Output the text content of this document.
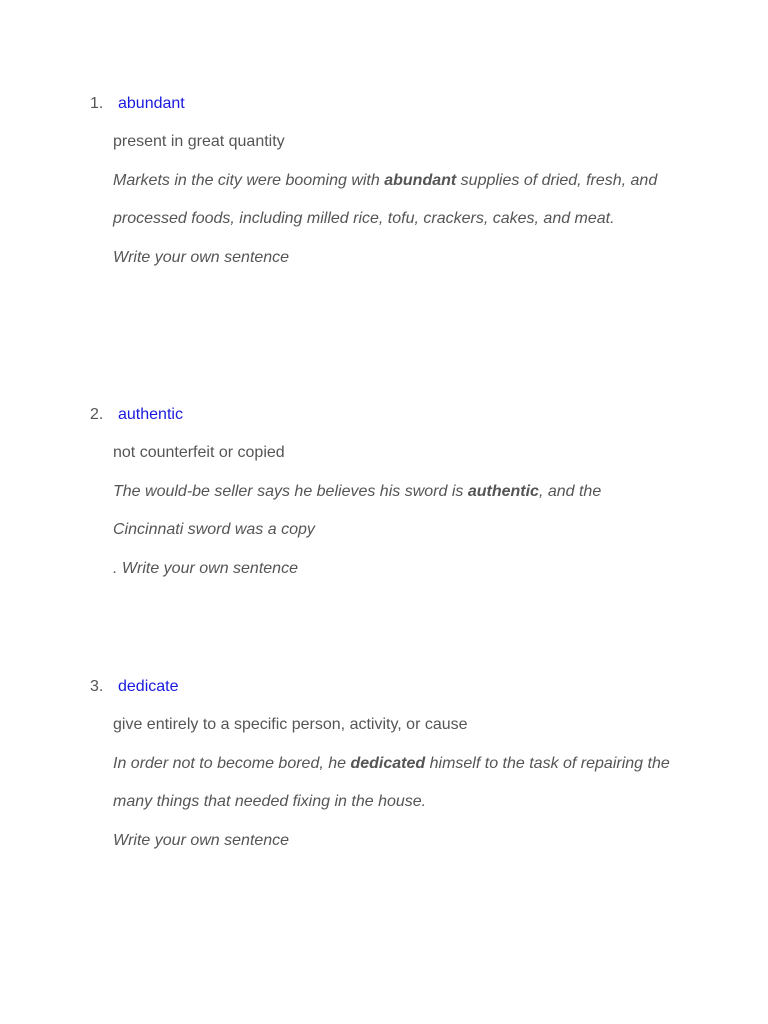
1. abundant
present in great quantity

Markets in the city were booming with abundant supplies of dried, fresh, and processed foods, including milled rice, tofu, crackers, cakes, and meat.

Write your own sentence
2. authentic
not counterfeit or copied

The would-be seller says he believes his sword is authentic, and the Cincinnati sword was a copy

. Write your own sentence
3. dedicate
give entirely to a specific person, activity, or cause

In order not to become bored, he dedicated himself to the task of repairing the many things that needed fixing in the house.

Write your own sentence
